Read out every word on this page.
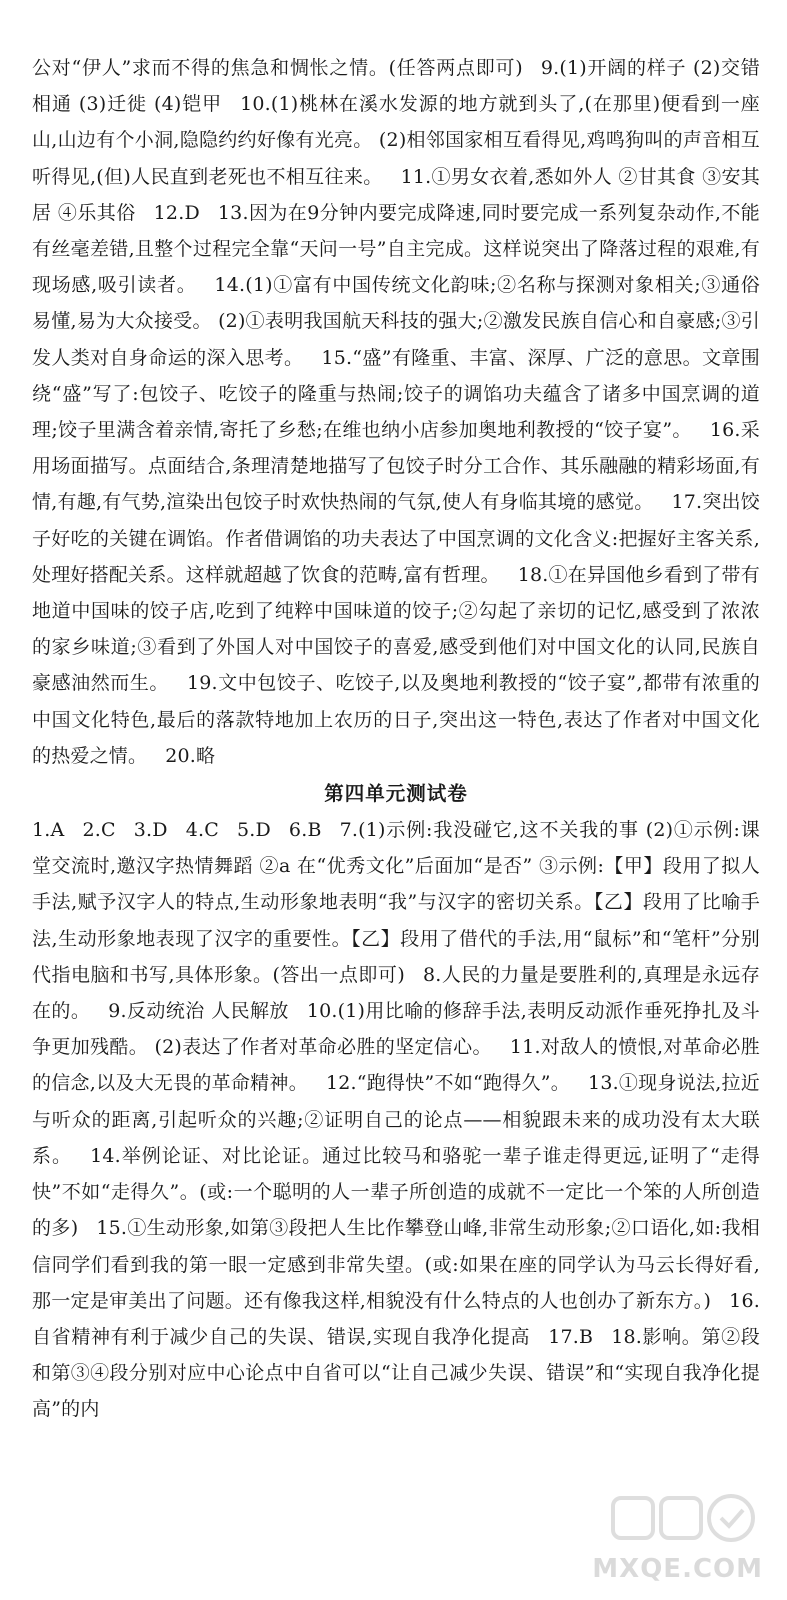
公对“伊人”求而不得的焦急和惆怅之情。(任答两点即可) 9.(1)开阔的样子 (2)交错相通 (3)迁徙 (4)铠甲 10.(1)桃林在溪水发源的地方就到头了,(在那里)便看到一座山,山边有个小洞,隐隐约约好像有光亮。 (2)相邻国家相互看得见,鸡鸣狗叫的声音相互听得见,(但)人民直到老死也不相互往来。 11.①男女衣着,悉如外人 ②甘其食 ③安其居 ④乐其俗 12.D 13.因为在9分钟内要完成降速,同时要完成一系列复杂动作,不能有丝毫差错,且整个过程完全靠“天问一号”自主完成。这样说突出了降落过程的艰难,有现场感,吸引读者。 14.(1)①富有中国传统文化韵味;②名称与探测对象相关;③通俗易懂,易为大众接受。 (2)①表明我国航天科技的强大;②激发民族自信心和自豪感;③引发人类对自身命运的深入思考。 15.“盛”有隆重、丰富、深厚、广泛的意思。文章围绕“盛”写了:包饺子、吃饺子的隆重与热闹;饺子的调馅功夫蕴含了诸多中国烹调的道理;饺子里满含着亲情,寄托了乡愁;在维也纳小店参加奥地利教授的“饺子宴”。 16.采用场面描写。点面结合,条理清楚地描写了包饺子时分工合作、其乐融融的精彩场面,有情,有趣,有气势,渲染出包饺子时欢快热闹的气氛,使人有身临其境的感觉。 17.突出饺子好吃的关键在调馅。作者借调馅的功夫表达了中国烹调的文化含义:把握好主客关系,处理好搭配关系。这样就超越了饮食的范畴,富有哲理。 18.①在异国他乡看到了带有地道中国味的饺子店,吃到了纯粹中国味道的饺子;②勾起了亲切的记忆,感受到了浓浓的家乡味道;③看到了外国人对中国饺子的喜爱,感受到他们对中国文化的认同,民族自豪感油然而生。 19.文中包饺子、吃饺子,以及奥地利教授的“饺子宴”,都带有浓重的中国文化特色,最后的落款特地加上农历的日子,突出这一特色,表达了作者对中国文化的热爱之情。 20.略

第四单元测试卷

1.A 2.C 3.D 4.C 5.D 6.B 7.(1)示例:我没碰它,这不关我的事 (2)①示例:课堂交流时,邀汉字热情舞蹈 ②a 在“优秀文化”后面加“是否” ③示例:【甲】段用了拟人手法,赋予汉字人的特点,生动形象地表明“我”与汉字的密切关系。【乙】段用了比喻手法,生动形象地表现了汉字的重要性。【乙】段用了借代的手法,用“鼠标”和“笔杆”分别代指电脑和书写,具体形象。(答出一点即可) 8.人民的力量是要胜利的,真理是永远存在的。 9.反动统治 人民解放 10.(1)用比喻的修辞手法,表明反动派作垂死挣扎及斗争更加残酷。 (2)表达了作者对革命必胜的坚定信心。 11.对敌人的愤恨,对革命必胜的信念,以及大无畏的革命精神。 12.“跑得快”不如“跑得久”。 13.①现身说法,拉近与听众的距离,引起听众的兴趣;②证明自己的论点——相貌跟未来的成功没有太大联系。 14.举例论证、对比论证。通过比较马和骆驼一辈子谁走得更远,证明了“走得快”不如“走得久”。(或:一个聪明的人一辈子所创造的成就不一定比一个笨的人所创造的多) 15.①生动形象,如第③段把人生比作攀登山峰,非常生动形象;②口语化,如:我相信同学们看到我的第一眼一定感到非常失望。(或:如果在座的同学认为马云长得好看,那一定是审美出了问题。还有像我这样,相貌没有什么特点的人也创办了新东方。) 16.自省精神有利于减少自己的失误、错误,实现自我净化提高 17.B 18.影响。第②段和第③④段分别对应中心论点中自省可以“让自己减少失误、错误”和“实现自我净化提高”的内

MXQE.COM
